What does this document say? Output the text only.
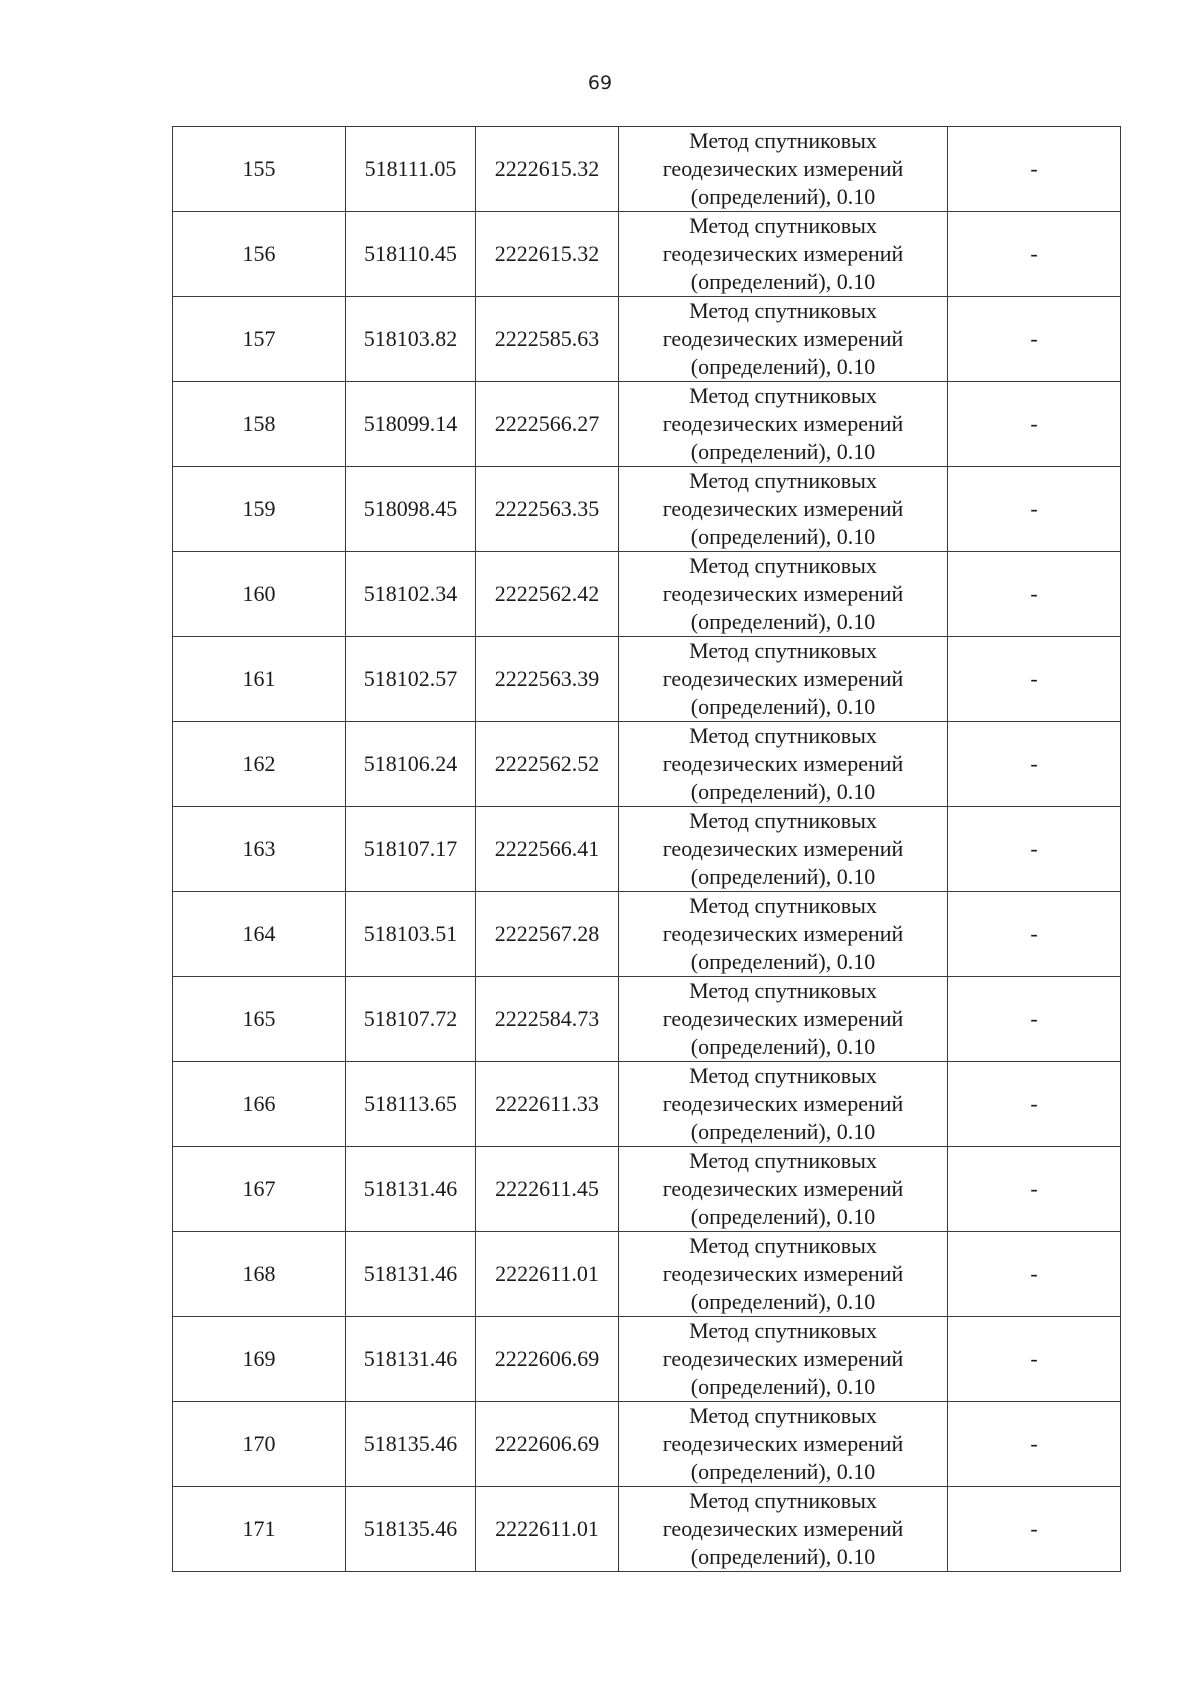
69
155	518111.05	2222615.32	Метод спутниковых
геодезических измерений
(определений), 0.10	-
156	518110.45	2222615.32	Метод спутниковых
геодезических измерений
(определений), 0.10	-
157	518103.82	2222585.63	Метод спутниковых
геодезических измерений
(определений), 0.10	-
158	518099.14	2222566.27	Метод спутниковых
геодезических измерений
(определений), 0.10	-
159	518098.45	2222563.35	Метод спутниковых
геодезических измерений
(определений), 0.10	-
160	518102.34	2222562.42	Метод спутниковых
геодезических измерений
(определений), 0.10	-
161	518102.57	2222563.39	Метод спутниковых
геодезических измерений
(определений), 0.10	-
162	518106.24	2222562.52	Метод спутниковых
геодезических измерений
(определений), 0.10	-
163	518107.17	2222566.41	Метод спутниковых
геодезических измерений
(определений), 0.10	-
164	518103.51	2222567.28	Метод спутниковых
геодезических измерений
(определений), 0.10	-
165	518107.72	2222584.73	Метод спутниковых
геодезических измерений
(определений), 0.10	-
166	518113.65	2222611.33	Метод спутниковых
геодезических измерений
(определений), 0.10	-
167	518131.46	2222611.45	Метод спутниковых
геодезических измерений
(определений), 0.10	-
168	518131.46	2222611.01	Метод спутниковых
геодезических измерений
(определений), 0.10	-
169	518131.46	2222606.69	Метод спутниковых
геодезических измерений
(определений), 0.10	-
170	518135.46	2222606.69	Метод спутниковых
геодезических измерений
(определений), 0.10	-
171	518135.46	2222611.01	Метод спутниковых
геодезических измерений
(определений), 0.10	-
